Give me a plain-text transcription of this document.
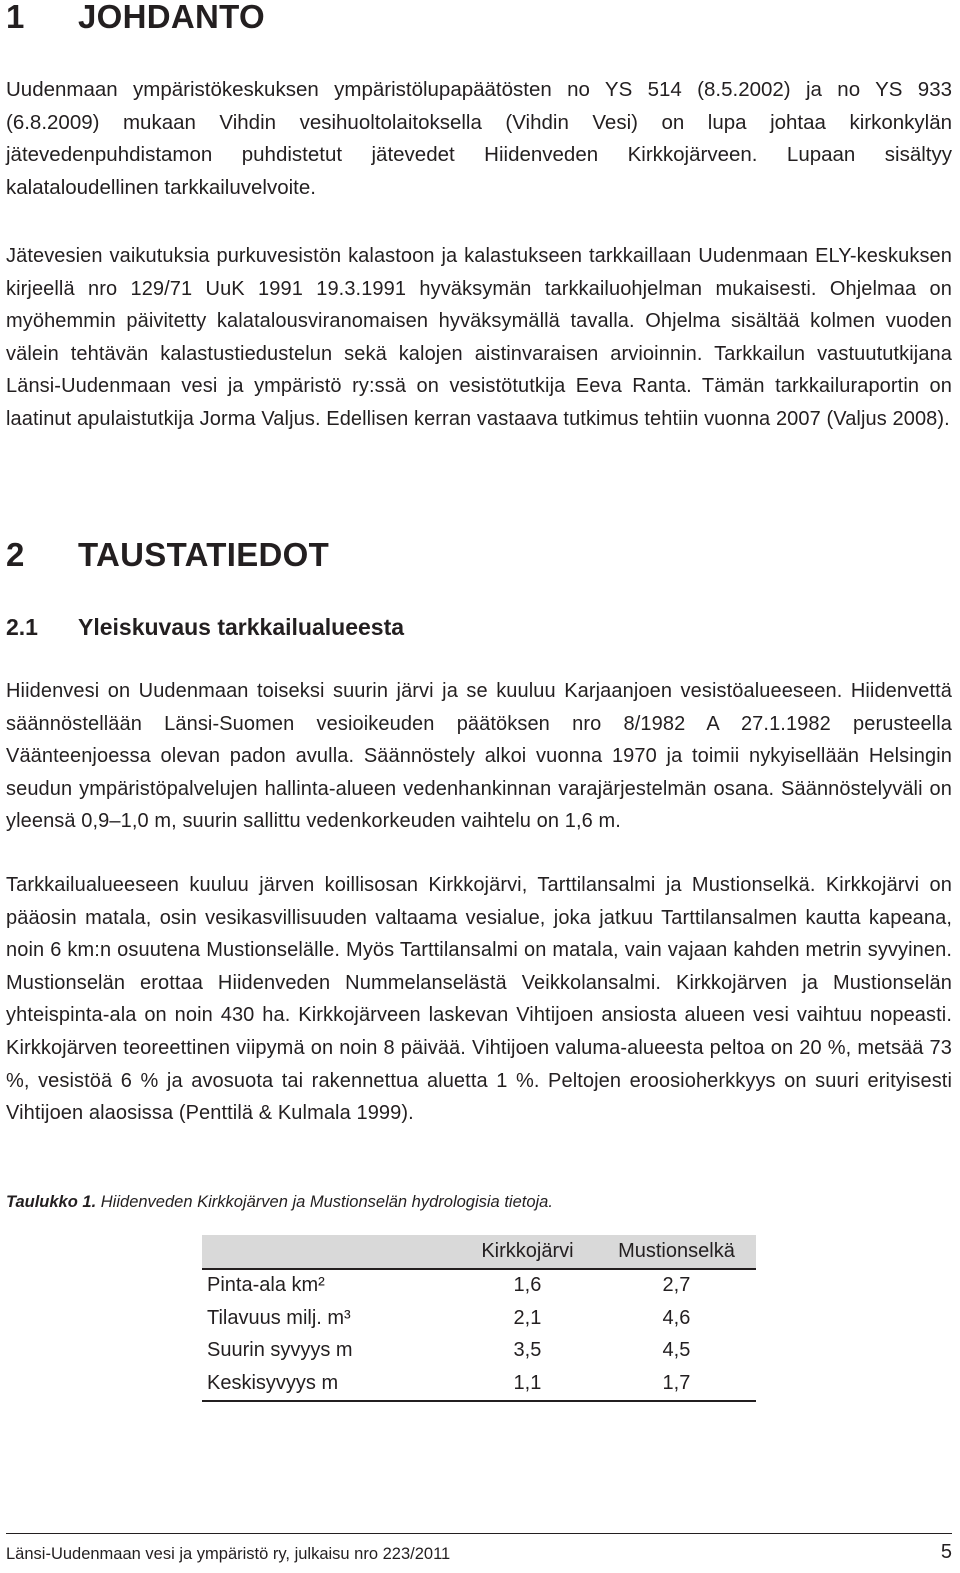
1 JOHDANTO

Uudenmaan ympäristökeskuksen ympäristölupapäätösten no YS 514 (8.5.2002) ja no YS 933 (6.8.2009) mukaan Vihdin vesihuoltolaitoksella (Vihdin Vesi) on lupa johtaa kirkonkylän jätevedenpuhdistamon puhdistetut jätevedet Hiidenveden Kirkkojärveen. Lupaan sisältyy kalataloudellinen tarkkailuvelvoite.

Jätevesien vaikutuksia purkuvesistön kalastoon ja kalastukseen tarkkaillaan Uudenmaan ELY-keskuksen kirjeellä nro 129/71 UuK 1991 19.3.1991 hyväksymän tarkkailuohjelman mukaisesti. Ohjelmaa on myöhemmin päivitetty kalatalousviranomaisen hyväksymällä tavalla. Ohjelma sisältää kolmen vuoden välein tehtävän kalastustiedustelun sekä kalojen aistinvaraisen arvioinnin. Tarkkailun vastuututkijana Länsi-Uudenmaan vesi ja ympäristö ry:ssä on vesistötutkija Eeva Ranta. Tämän tarkkailuraportin on laatinut apulaistutkija Jorma Valjus. Edellisen kerran vastaava tutkimus tehtiin vuonna 2007 (Valjus 2008).

2 TAUSTATIEDOT
2.1 Yleiskuvaus tarkkailualueesta

Hiidenvesi on Uudenmaan toiseksi suurin järvi ja se kuuluu Karjaanjoen vesistöalueeseen. Hiidenvettä säännöstellään Länsi-Suomen vesioikeuden päätöksen nro 8/1982 A 27.1.1982 perusteella Väänteenjoessa olevan padon avulla. Säännöstely alkoi vuonna 1970 ja toimii nykyisellään Helsingin seudun ympäristöpalvelujen hallinta-alueen vedenhankinnan varajärjestelmän osana. Säännöstelyväli on yleensä 0,9–1,0 m, suurin sallittu vedenkorkeuden vaihtelu on 1,6 m.

Tarkkailualueeseen kuuluu järven koillisosan Kirkkojärvi, Tarttilansalmi ja Mustionselkä. Kirkkojärvi on pääosin matala, osin vesikasvillisuuden valtaama vesialue, joka jatkuu Tarttilansalmen kautta kapeana, noin 6 km:n osuutena Mustionselälle. Myös Tarttilansalmi on matala, vain vajaan kahden metrin syvyinen. Mustionselän erottaa Hiidenveden Nummelanselästä Veikkolansalmi. Kirkkojärven ja Mustionselän yhteispinta-ala on noin 430 ha. Kirkkojärveen laskevan Vihtijoen ansiosta alueen vesi vaihtuu nopeasti. Kirkkojärven teoreettinen viipymä on noin 8 päivää. Vihtijoen valuma-alueesta peltoa on 20 %, metsää 73 %, vesistöä 6 % ja avosuota tai rakennettua aluetta 1 %. Peltojen eroosioherkkyys on suuri erityisesti Vihtijoen alaosissa (Penttilä & Kulmala 1999).

Taulukko 1. Hiidenveden Kirkkojärven ja Mustionselän hydrologisia tietoja.

	Kirkkojärvi	Mustionselkä
Pinta-ala km²	1,6	2,7
Tilavuus milj. m³	2,1	4,6
Suurin syvyys m	3,5	4,5
Keskisyvyys m	1,1	1,7
Länsi-Uudenmaan vesi ja ympäristö ry, julkaisu nro 223/2011	5
